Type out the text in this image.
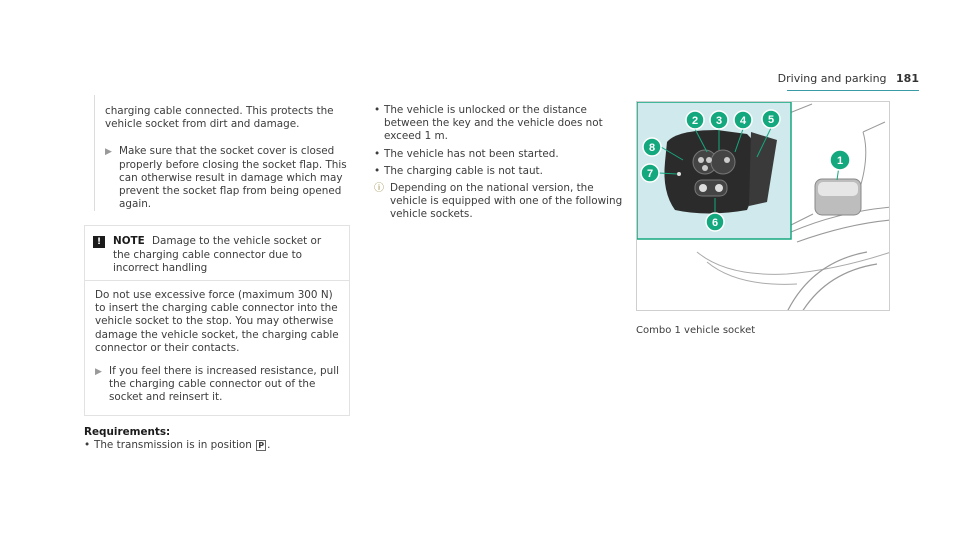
Driving and parking 181
charging cable connected. This protects the vehicle socket from dirt and damage.
▶ Make sure that the socket cover is closed properly before closing the socket flap. This can otherwise result in damage which may prevent the socket flap from being opened again.
!	NOTE Damage to the vehicle socket or the charging cable connector due to incorrect handling
Do not use excessive force (maximum 300 N) to insert the charging cable connector into the vehicle socket to the stop. You may otherwise damage the vehicle socket, the charging cable connector or their contacts.
▶ If you feel there is increased resistance, pull the charging cable connector out of the socket and reinsert it.
Requirements:
• The transmission is in position P .
• The vehicle is unlocked or the distance between the key and the vehicle does not exceed 1 m.
• The vehicle has not been started.
• The charging cable is not taut.
ⓘ Depending on the national version, the vehicle is equipped with one of the following vehicle sockets.
2 3 4 5
8
7
6
1
Combo 1 vehicle socket
